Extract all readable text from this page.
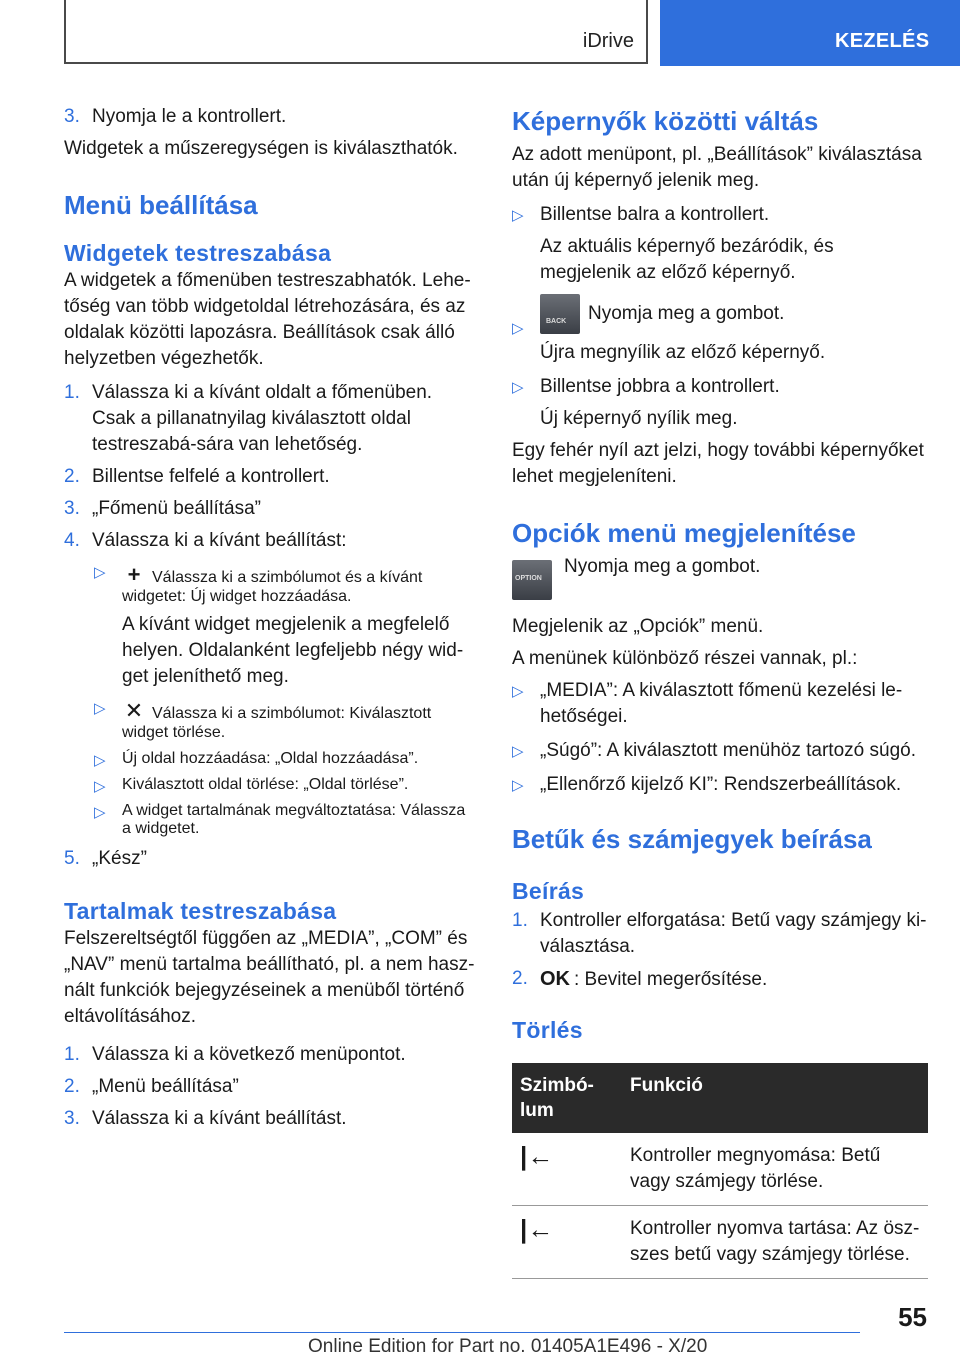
iDrive	KEZELÉS
3. Nyomja le a kontrollert.

Widgetek a műszeregységen is kiválaszthatók.

Menü beállítása
Widgetek testreszabása

A widgetek a főmenüben testreszabhatók. Lehe‐tőség van több widgetoldal létrehozására, és az oldalak közötti lapozásra. Beállítások csak álló helyzetben végezhetők.

1. Válassza ki a kívánt oldalt a főmenüben. Csak a pillanatnyilag kiválasztott oldal testreszabá‐sára van lehetőség.
2. Billentse felfelé a kontrollert.
3. „Főmenü beállítása”
4. Válassza ki a kívánt beállítást:
▷ + Válassza ki a szimbólumot és a kívánt widgetet: Új widget hozzáadása.

A kívánt widget megjelenik a megfelelő helyen. Oldalanként legfeljebb négy wid‐get jeleníthető meg.

▷ ✕ Válassza ki a szimbólumot: Kiválasztott widget törlése.
▷ Új oldal hozzáadása: „Oldal hozzáadása”.
▷ Kiválasztott oldal törlése: „Oldal törlése”.
▷ A widget tartalmának megváltoztatása: Válassza a widgetet.
5. „Kész”
Tartalmak testreszabása

Felszereltségtől függően az „MEDIA”, „COM” és „NAV” menü tartalma beállítható, pl. a nem hasz‐nált funkciók bejegyzéseinek a menüből történő eltávolításához.

1. Válassza ki a következő menüpontot.
2. „Menü beállítása”
3. Válassza ki a kívánt beállítást.
Képernyők közötti váltás

Az adott menüpont, pl. „Beállítások” kiválasztása után új képernyő jelenik meg.

▷ Billentse balra a kontrollert.

Az aktuális képernyő bezáródik, és megjelenik az előző képernyő.

▷	BACK Nyomja meg a gombot.

Újra megnyílik az előző képernyő.

▷ Billentse jobbra a kontrollert.

Új képernyő nyílik meg.

Egy fehér nyíl azt jelzi, hogy további képernyőket lehet megjeleníteni.

Opciók menü megjelenítése
OPTION
Nyomja meg a gombot.

Megjelenik az „Opciók” menü.

A menünek különböző részei vannak, pl.:

▷ „MEDIA”: A kiválasztott főmenü kezelési le‐hetőségei.
▷ „Súgó”: A kiválasztott menühöz tartozó súgó.
▷ „Ellenőrző kijelző KI”: Rendszerbeállítások.
Betűk és számjegyek beírása
Beírás
1. Kontroller elforgatása: Betű vagy számjegy ki‐választása.
2. OK : Bevitel megerősítése.
Törlés
Szimbó‐lum	Funkció
|←	Kontroller megnyomása: Betű vagy számjegy törlése.
|←	Kontroller nyomva tartása: Az ösz‐szes betű vagy számjegy törlése.
55
Online Edition for Part no. 01405A1E496 - X/20
